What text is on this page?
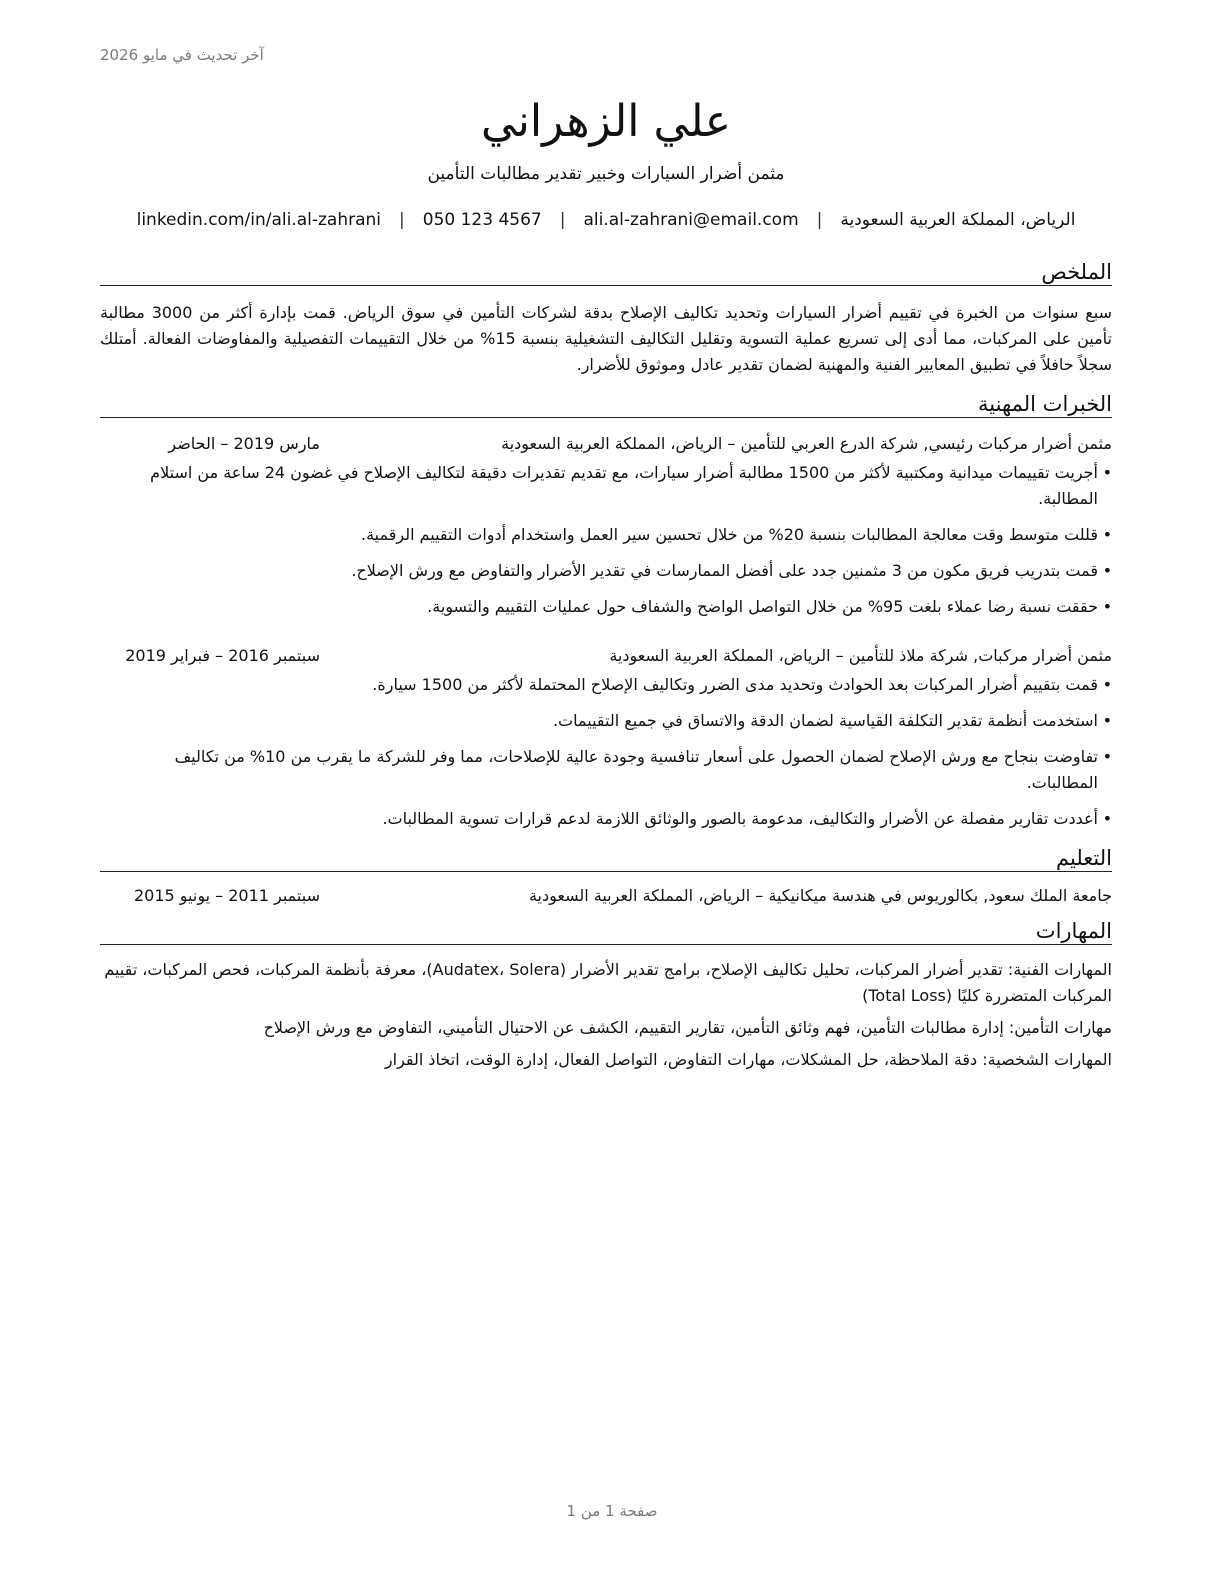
آخر تحديث في مايو 2026
علي الزهراني
مثمن أضرار السيارات وخبير تقدير مطالبات التأمين
الرياض، المملكة العربية السعودية
|
ali.al-zahrani@email.com
|
050 123 4567
|
linkedin.com/in/ali.al-zahrani
الملخص
سبع سنوات من الخبرة في تقييم أضرار السيارات وتحديد تكاليف الإصلاح بدقة لشركات التأمين في سوق الرياض. قمت بإدارة أكثر من 3000 مطالبة تأمين على المركبات، مما أدى إلى تسريع عملية التسوية وتقليل التكاليف التشغيلية بنسبة 15% من خلال التقييمات التفصيلية والمفاوضات الفعالة. أمتلك سجلاً حافلاً في تطبيق المعايير الفنية والمهنية لضمان تقدير عادل وموثوق للأضرار.
الخبرات المهنية
مثمن أضرار مركبات رئيسي, شركة الدرع العربي للتأمين – الرياض، المملكة العربية السعودية
مارس 2019 – الحاضر
• أجريت تقييمات ميدانية ومكتبية لأكثر من 1500 مطالبة أضرار سيارات، مع تقديم تقديرات دقيقة لتكاليف الإصلاح في غضون 24 ساعة من استلام المطالبة.
• قللت متوسط وقت معالجة المطالبات بنسبة 20% من خلال تحسين سير العمل واستخدام أدوات التقييم الرقمية.
• قمت بتدريب فريق مكون من 3 مثمنين جدد على أفضل الممارسات في تقدير الأضرار والتفاوض مع ورش الإصلاح.
• حققت نسبة رضا عملاء بلغت 95% من خلال التواصل الواضح والشفاف حول عمليات التقييم والتسوية.
مثمن أضرار مركبات, شركة ملاذ للتأمين – الرياض، المملكة العربية السعودية
سبتمبر 2016 – فبراير 2019
• قمت بتقييم أضرار المركبات بعد الحوادث وتحديد مدى الضرر وتكاليف الإصلاح المحتملة لأكثر من 1500 سيارة.
• استخدمت أنظمة تقدير التكلفة القياسية لضمان الدقة والاتساق في جميع التقييمات.
• تفاوضت بنجاح مع ورش الإصلاح لضمان الحصول على أسعار تنافسية وجودة عالية للإصلاحات، مما وفر للشركة ما يقرب من 10% من تكاليف المطالبات.
• أعددت تقارير مفصلة عن الأضرار والتكاليف، مدعومة بالصور والوثائق اللازمة لدعم قرارات تسوية المطالبات.
التعليم
جامعة الملك سعود, بكالوريوس في هندسة ميكانيكية – الرياض، المملكة العربية السعودية
سبتمبر 2011 – يونيو 2015
المهارات
المهارات الفنية: تقدير أضرار المركبات، تحليل تكاليف الإصلاح، برامج تقدير الأضرار (Audatex، Solera)، معرفة بأنظمة المركبات، فحص المركبات، تقييم المركبات المتضررة كليًا (Total Loss)
مهارات التأمين: إدارة مطالبات التأمين، فهم وثائق التأمين، تقارير التقييم، الكشف عن الاحتيال التأميني، التفاوض مع ورش الإصلاح
المهارات الشخصية: دقة الملاحظة، حل المشكلات، مهارات التفاوض، التواصل الفعال، إدارة الوقت، اتخاذ القرار
صفحة 1 من 1
